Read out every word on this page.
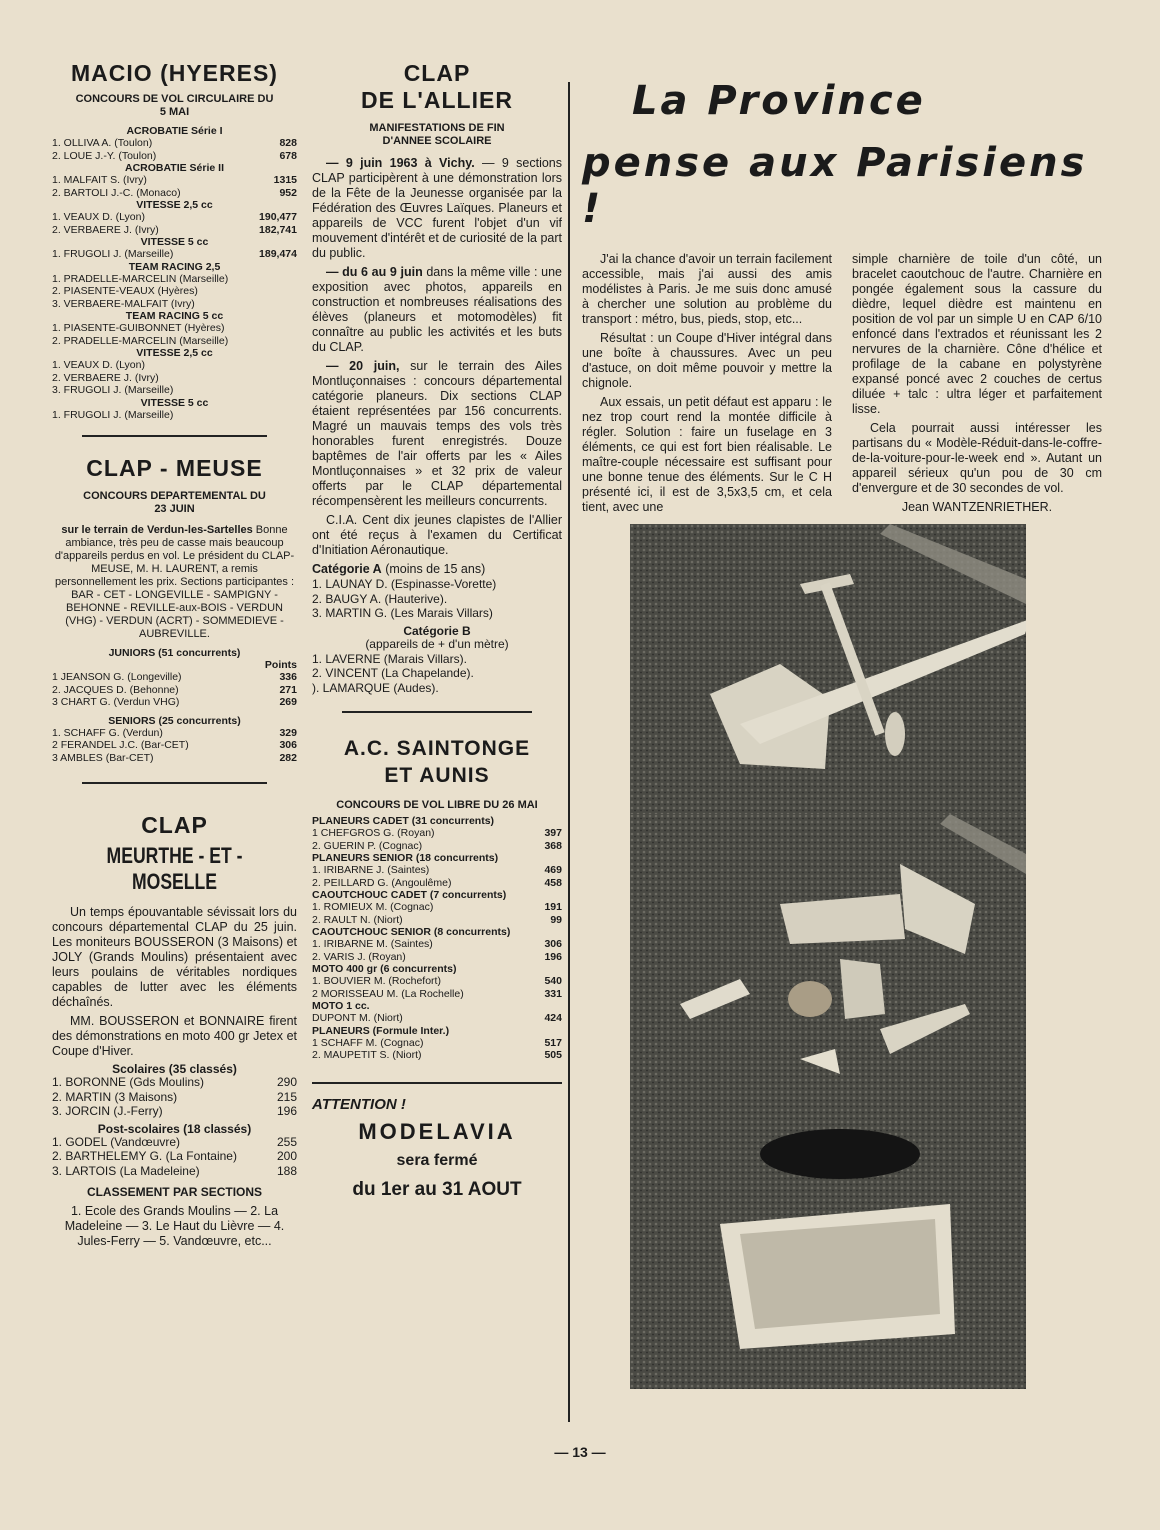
MACIO (HYERES)
CONCOURS DE VOL CIRCULAIRE DU 5 MAI
ACROBATIE Série I
1. OLLIVA A. (Toulon)	828
2. LOUE J.-Y. (Toulon)	678
ACROBATIE Série II
1. MALFAIT S. (Ivry)	1315
2. BARTOLI J.-C. (Monaco)	952
VITESSE 2,5 cc
1. VEAUX D. (Lyon)	190,477
2. VERBAERE J. (Ivry)	182,741
VITESSE 5 cc
1. FRUGOLI J. (Marseille)	189,474
TEAM RACING 2,5
1. PRADELLE-MARCELIN (Marseille)
2. PIASENTE-VEAUX (Hyères)
3. VERBAERE-MALFAIT (Ivry)
TEAM RACING 5 cc
1. PIASENTE-GUIBONNET (Hyères)
2. PRADELLE-MARCELIN (Marseille)
VITESSE 2,5 cc
1. VEAUX D. (Lyon)
2. VERBAERE J. (Ivry)
3. FRUGOLI J. (Marseille)
VITESSE 5 cc
1. FRUGOLI J. (Marseille)
CLAP - MEUSE
CONCOURS DEPARTEMENTAL DU 23 JUIN

sur le terrain de Verdun-les-Sartelles Bonne ambiance, très peu de casse mais beaucoup d'appareils perdus en vol. Le président du CLAP-MEUSE, M. H. LAURENT, a remis personnellement les prix. Sections participantes : BAR - CET - LONGEVILLE - SAMPIGNY - BEHONNE - REVILLE-aux-BOIS - VERDUN (VHG) - VERDUN (ACRT) - SOMMEDIEVE - AUBREVILLE.

JUNIORS (51 concurrents)
Points
1 JEANSON G. (Longeville)	336
2. JACQUES D. (Behonne)	271
3 CHART G. (Verdun VHG)	269
SENIORS (25 concurrents)
1. SCHAFF G. (Verdun)	329
2 FERANDEL J.C. (Bar-CET)	306
3 AMBLES (Bar-CET)	282
CLAP
MEURTHE - ET - MOSELLE

Un temps épouvantable sévissait lors du concours départemental CLAP du 25 juin. Les moniteurs BOUSSERON (3 Maisons) et JOLY (Grands Moulins) présentaient avec leurs poulains de véritables nordiques capables de lutter avec les éléments déchaînés.

MM. BOUSSERON et BONNAIRE firent des démonstrations en moto 400 gr Jetex et Coupe d'Hiver.

Scolaires (35 classés)
1. BORONNE (Gds Moulins)	290
2. MARTIN (3 Maisons)	215
3. JORCIN (J.-Ferry)	196
Post-scolaires (18 classés)
1. GODEL (Vandœuvre)	255
2. BARTHELEMY G. (La Fontaine)	200
3. LARTOIS (La Madeleine)	188
CLASSEMENT PAR SECTIONS

1. Ecole des Grands Moulins — 2. La Madeleine — 3. Le Haut du Lièvre — 4. Jules-Ferry — 5. Vandœuvre, etc...

CLAP
DE L'ALLIER
MANIFESTATIONS DE FIN D'ANNEE SCOLAIRE

— 9 juin 1963 à Vichy. — 9 sections CLAP participèrent à une démonstration lors de la Fête de la Jeunesse organisée par la Fédération des Œuvres Laïques. Planeurs et appareils de VCC furent l'objet d'un vif mouvement d'intérêt et de curiosité de la part du public.

— du 6 au 9 juin dans la même ville : une exposition avec photos, appareils en construction et nombreuses réalisations des élèves (planeurs et motomodèles) fit connaître au public les activités et les buts du CLAP.

— 20 juin, sur le terrain des Ailes Montluçonnaises : concours départemental catégorie planeurs. Dix sections CLAP étaient représentées par 156 concurrents. Magré un mauvais temps des vols très honorables furent enregistrés. Douze baptêmes de l'air offerts par les « Ailes Montluçonnaises » et 32 prix de valeur offerts par le CLAP départemental récompensèrent les meilleurs concurrents.

C.I.A. Cent dix jeunes clapistes de l'Allier ont été reçus à l'examen du Certificat d'Initiation Aéronautique.

Catégorie A (moins de 15 ans)
1. LAUNAY D. (Espinasse-Vorette)
2. BAUGY A. (Hauterive).
3. MARTIN G. (Les Marais Villars)
Catégorie B
(appareils de + d'un mètre)
1. LAVERNE (Marais Villars).
2. VINCENT (La Chapelande).
). LAMARQUE (Audes).
A.C. SAINTONGE
ET AUNIS
CONCOURS DE VOL LIBRE DU 26 MAI
PLANEURS CADET (31 concurrents)
1 CHEFGROS G. (Royan)	397
2. GUERIN P. (Cognac)	368
PLANEURS SENIOR (18 concurrents)
1. IRIBARNE J. (Saintes)	469
2. PEILLARD G. (Angoulême)	458
CAOUTCHOUC CADET (7 concurrents)
1. ROMIEUX M. (Cognac)	191
2. RAULT N. (Niort)	99
CAOUTCHOUC SENIOR (8 concurrents)
1. IRIBARNE M. (Saintes)	306
2. VARIS J. (Royan)	196
MOTO 400 gr (6 concurrents)
1. BOUVIER M. (Rochefort)	540
2 MORISSEAU M. (La Rochelle)	331
MOTO 1 cc.
DUPONT M. (Niort)	424
PLANEURS (Formule Inter.)
1 SCHAFF M. (Cognac)	517
2. MAUPETIT S. (Niort)	505
ATTENTION !
MODELAVIA
sera fermé
du 1er au 31 AOUT
La Province
pense aux Parisiens !

J'ai la chance d'avoir un terrain facilement accessible, mais j'ai aussi des amis modélistes à Paris. Je me suis donc amusé à chercher une solution au problème du transport : métro, bus, pieds, stop, etc...

Résultat : un Coupe d'Hiver intégral dans une boîte à chaussures. Avec un peu d'astuce, on doit même pouvoir y mettre la chignole.

Aux essais, un petit défaut est apparu : le nez trop court rend la montée difficile à régler. Solution : faire un fuselage en 3 éléments, ce qui est fort bien réalisable. Le maître-couple nécessaire est suffisant pour une bonne tenue des éléments. Sur le C H présenté ici, il est de 3,5x3,5 cm, et cela tient, avec une

simple charnière de toile d'un côté, un bracelet caoutchouc de l'autre. Charnière en pongée également sous la cassure du dièdre, lequel dièdre est maintenu en position de vol par un simple U en CAP 6/10 enfoncé dans l'extrados et réunissant les 2 nervures de la charnière. Cône d'hélice et profilage de la cabane en polystyrène expansé poncé avec 2 couches de certus diluée + talc : ultra léger et parfaitement lisse.

Cela pourrait aussi intéresser les partisans du « Modèle-Réduit-dans-le-coffre-de-la-voiture-pour-le-week end ». Autant un appareil sérieux qu'un pou de 30 cm d'envergure et de 30 secondes de vol.

Jean WANTZENRIETHER.
— 13 —
